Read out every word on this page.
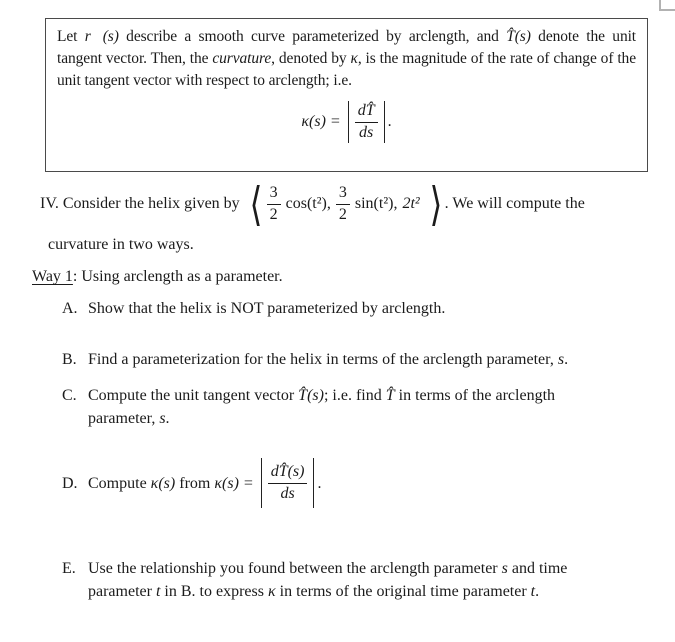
Let r⃗(s) describe a smooth curve parameterized by arclength, and T̂(s) denote the unit tangent vector. Then, the curvature, denoted by κ, is the magnitude of the rate of change of the unit tangent vector with respect to arclength; i.e.

$\kappa(s) = \frac{dT̂}{ds}$ .
IV. Consider the helix given by ⟨ $\frac{3}{2} \cos(t^2)$, $\frac{3}{2} \sin(t^2)$, 2t² ⟩ . We will compute the
curvature in two ways.
Way 1: Using arclength as a parameter.
A. Show that the helix is NOT parameterized by arclength.
B. Find a parameterization for the helix in terms of the arclength parameter, s.
C. Compute the unit tangent vector T̂(s); i.e. find T̂ in terms of the arclength
parameter, s.
D. Compute κ(s) from $\kappa(s) = \frac{dT̂(s)}{ds}$ .
E. Use the relationship you found between the arclength parameter s and time
parameter t in B. to express κ in terms of the original time parameter t.
